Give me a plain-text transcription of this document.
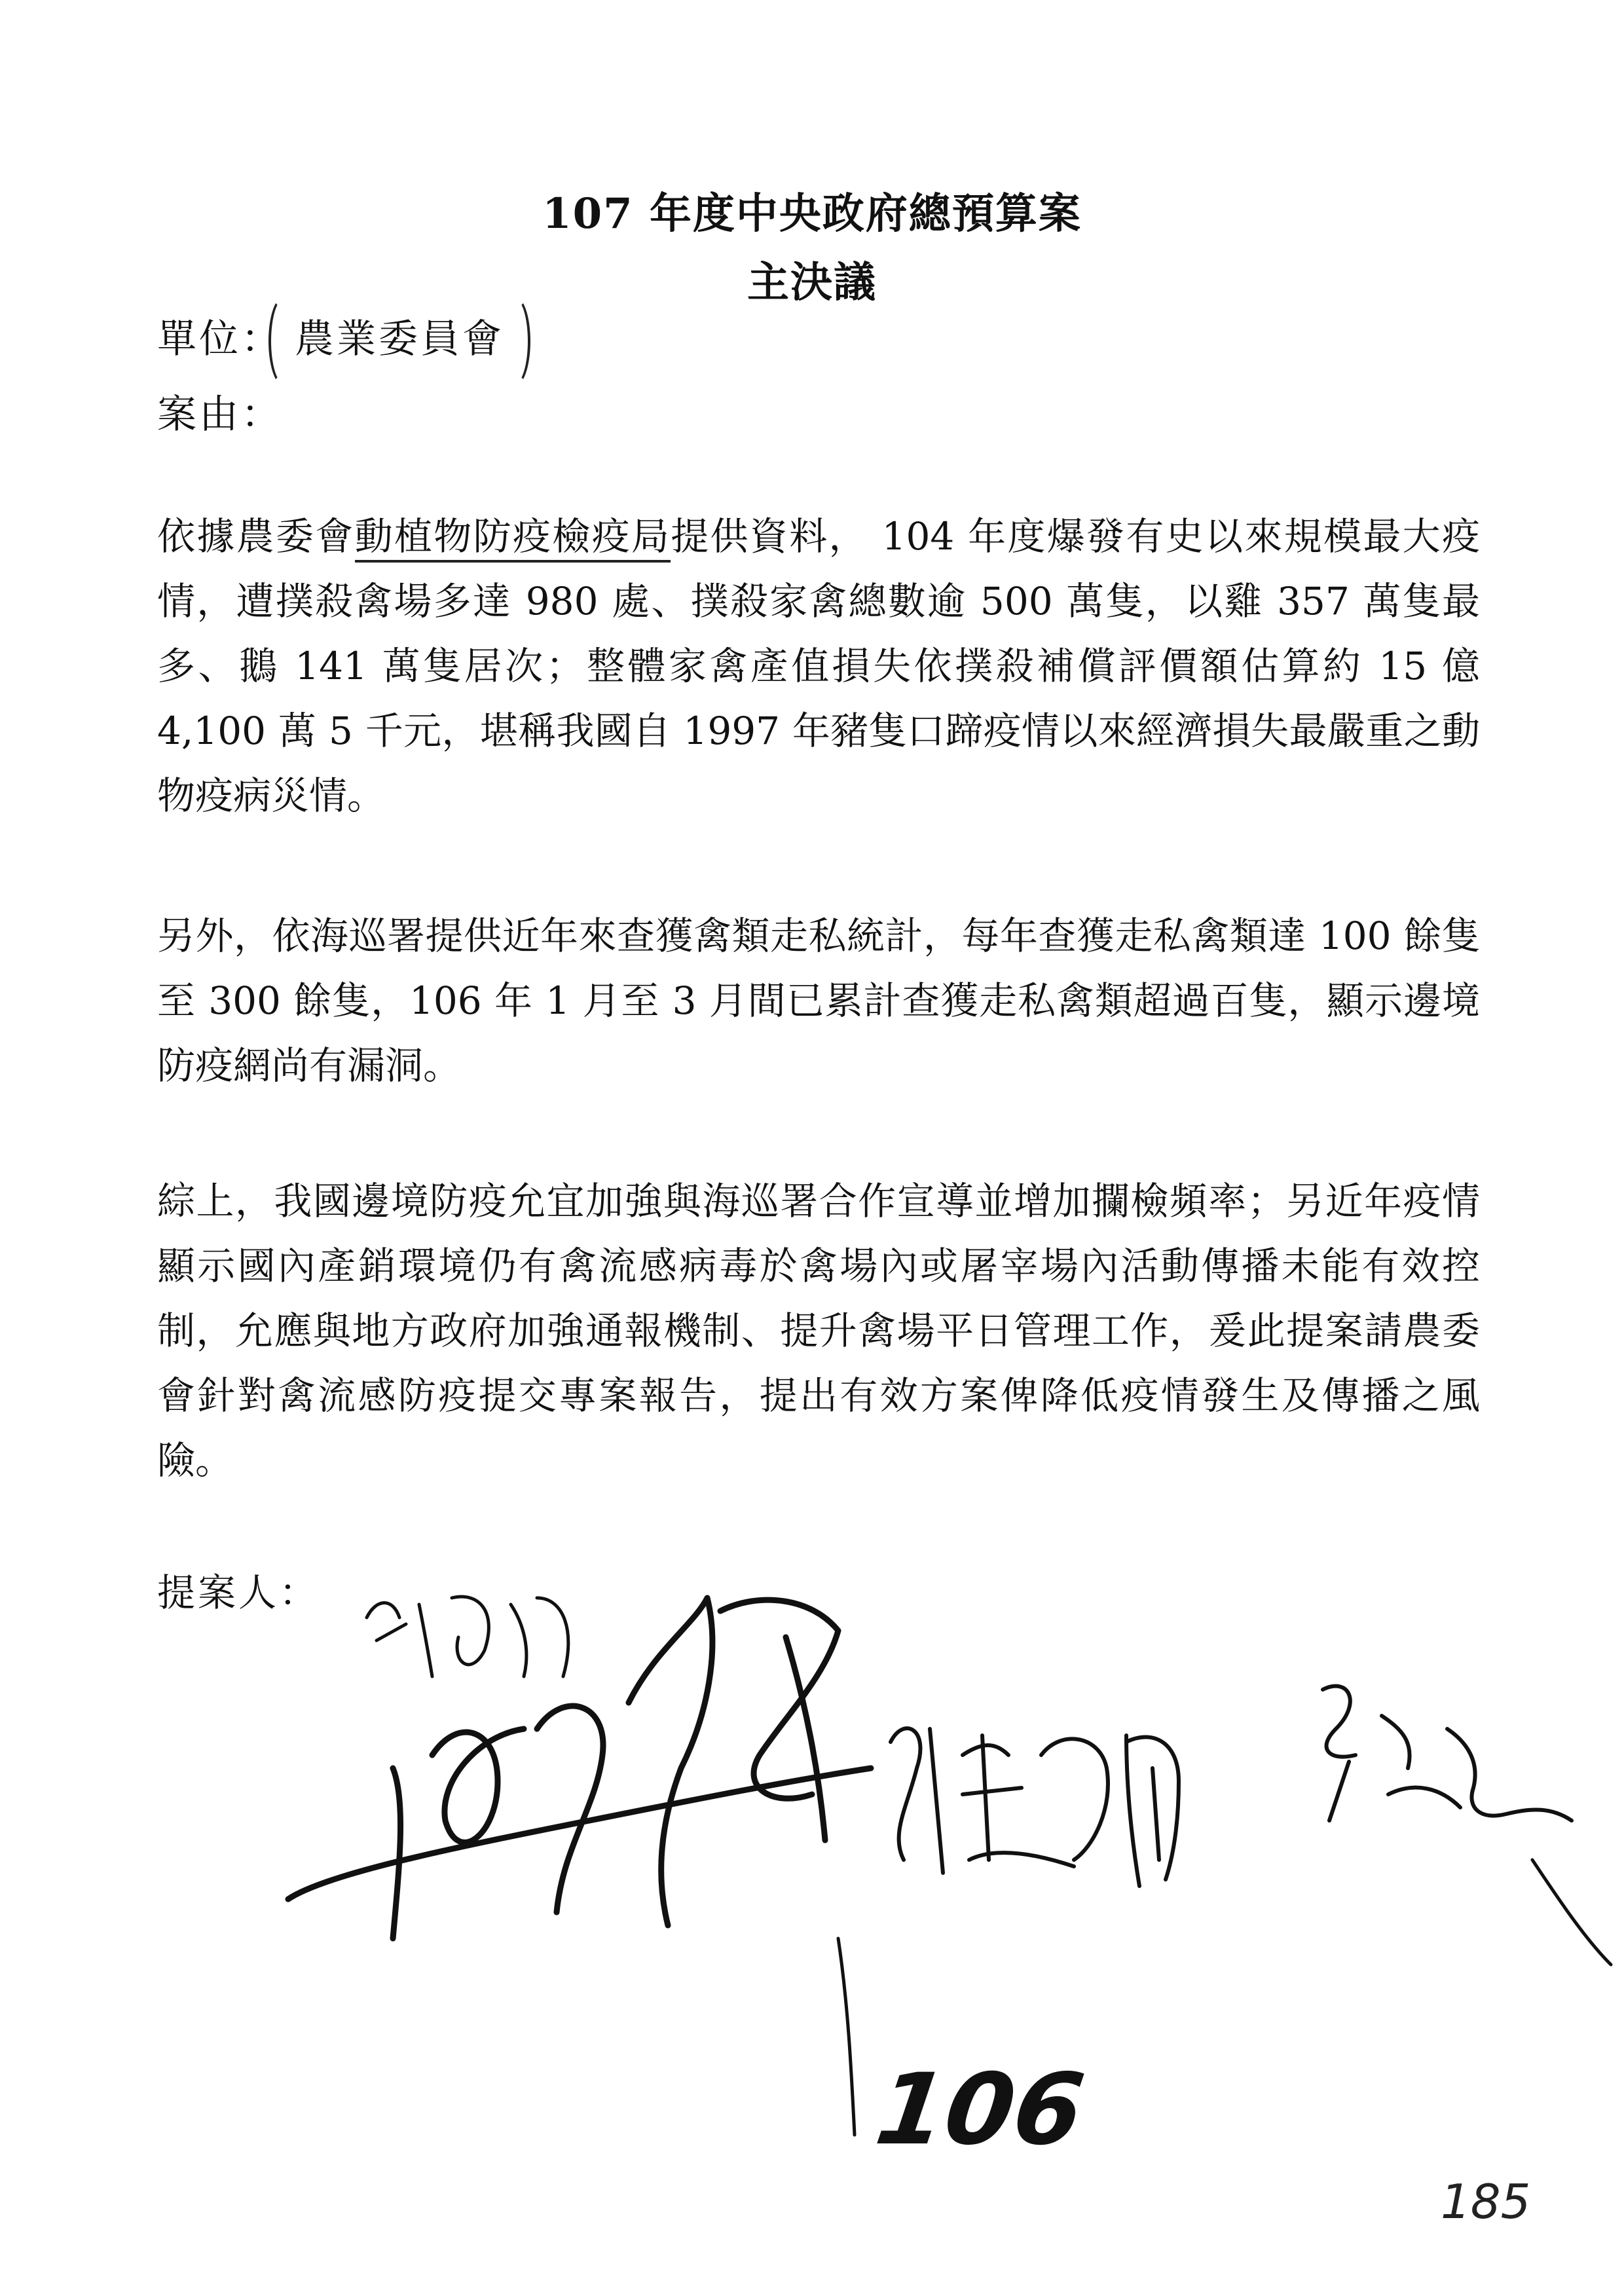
107 年度中央政府總預算案
主決議
單位： 農業委員會
案由：
依據農委會動植物防疫檢疫局提供資料， 104 年度爆發有史以來規模最大疫情，遭撲殺禽場多達 980 處、撲殺家禽總數逾 500 萬隻，以雞 357 萬隻最多、鵝 141 萬隻居次；整體家禽產值損失依撲殺補償評價額估算約 15 億 4,100 萬 5 千元，堪稱我國自 1997 年豬隻口蹄疫情以來經濟損失最嚴重之動物疫病災情。
另外，依海巡署提供近年來查獲禽類走私統計，每年查獲走私禽類達 100 餘隻至 300 餘隻，106 年 1 月至 3 月間已累計查獲走私禽類超過百隻，顯示邊境防疫網尚有漏洞。
綜上，我國邊境防疫允宜加強與海巡署合作宣導並增加攔檢頻率；另近年疫情顯示國內產銷環境仍有禽流感病毒於禽場內或屠宰場內活動傳播未能有效控制，允應與地方政府加強通報機制、提升禽場平日管理工作，爰此提案請農委會針對禽流感防疫提交專案報告，提出有效方案俾降低疫情發生及傳播之風險。
提案人：
106
185
